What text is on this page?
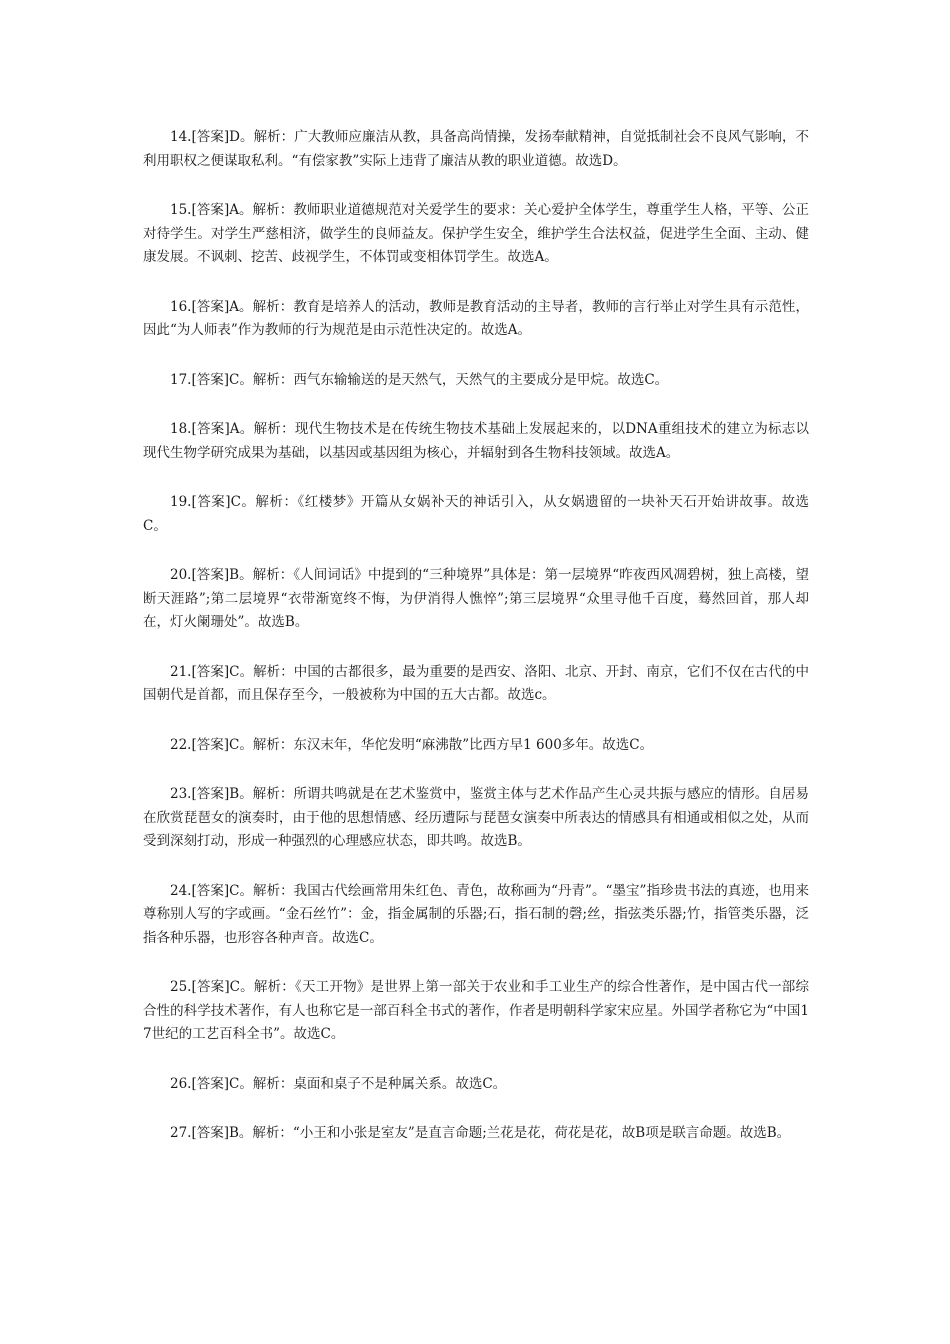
14.[答案]D。解析：广大教师应廉洁从教，具备高尚情操，发扬奉献精神，自觉抵制社会不良风气影响，不利用职权之便谋取私利。“有偿家教”实际上违背了廉洁从教的职业道德。故选D。

15.[答案]A。解析：教师职业道德规范对关爱学生的要求：关心爱护全体学生，尊重学生人格，平等、公正对待学生。对学生严慈相济，做学生的良师益友。保护学生安全，维护学生合法权益，促进学生全面、主动、健康发展。不讽刺、挖苦、歧视学生，不体罚或变相体罚学生。故选A。

16.[答案]A。解析：教育是培养人的活动，教师是教育活动的主导者，教师的言行举止对学生具有示范性，因此“为人师表”作为教师的行为规范是由示范性决定的。故选A。

17.[答案]C。解析：西气东输输送的是天然气，天然气的主要成分是甲烷。故选C。

18.[答案]A。解析：现代生物技术是在传统生物技术基础上发展起来的，以DNA重组技术的建立为标志以现代生物学研究成果为基础，以基因或基因组为核心，并辐射到各生物科技领域。故选A。

19.[答案]C。解析：《红楼梦》开篇从女娲补天的神话引入，从女娲遗留的一块补天石开始讲故事。故选C。

20.[答案]B。解析：《人间词话》中提到的“三种境界”具体是：第一层境界“昨夜西风凋碧树，独上高楼，望断天涯路”;第二层境界“衣带渐宽终不悔，为伊消得人憔悴”;第三层境界“众里寻他千百度，蓦然回首，那人却在，灯火阑珊处”。故选B。

21.[答案]C。解析：中国的古都很多，最为重要的是西安、洛阳、北京、开封、南京，它们不仅在古代的中国朝代是首都，而且保存至今，一般被称为中国的五大古都。故选c。

22.[答案]C。解析：东汉末年，华佗发明“麻沸散”比西方早1 600多年。故选C。

23.[答案]B。解析：所谓共鸣就是在艺术鉴赏中，鉴赏主体与艺术作品产生心灵共振与感应的情形。自居易在欣赏琵琶女的演奏时，由于他的思想情感、经历遭际与琵琶女演奏中所表达的情感具有相通或相似之处，从而受到深刻打动，形成一种强烈的心理感应状态，即共鸣。故选B。

24.[答案]C。解析：我国古代绘画常用朱红色、青色，故称画为“丹青”。“墨宝”指珍贵书法的真迹，也用来尊称别人写的字或画。“金石丝竹”：金，指金属制的乐器;石，指石制的磬;丝，指弦类乐器;竹，指管类乐器，泛指各种乐器，也形容各种声音。故选C。

25.[答案]C。解析：《天工开物》是世界上第一部关于农业和手工业生产的综合性著作，是中国古代一部综合性的科学技术著作，有人也称它是一部百科全书式的著作，作者是明朝科学家宋应星。外国学者称它为“中国17世纪的工艺百科全书”。故选C。

26.[答案]C。解析：桌面和桌子不是种属关系。故选C。

27.[答案]B。解析：“小王和小张是室友”是直言命题;兰花是花，荷花是花，故B项是联言命题。故选B。
